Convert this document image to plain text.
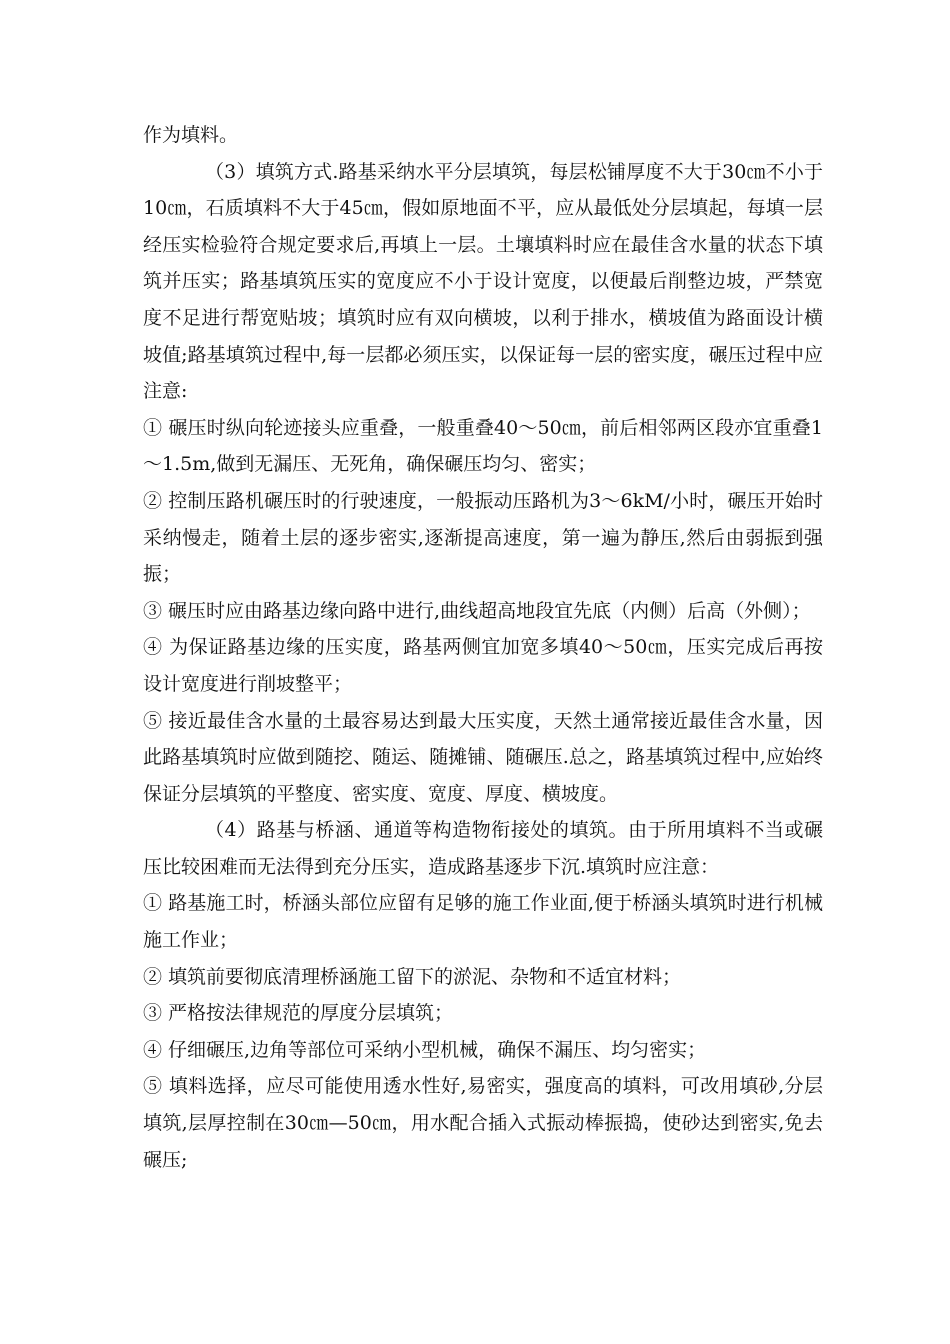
作为填料。

（3）填筑方式.路基采纳水平分层填筑，每层松铺厚度不大于30㎝不小于10㎝，石质填料不大于45㎝，假如原地面不平，应从最低处分层填起，每填一层经压实检验符合规定要求后,再填上一层。土壤填料时应在最佳含水量的状态下填筑并压实；路基填筑压实的宽度应不小于设计宽度，以便最后削整边坡，严禁宽度不足进行帮宽贴坡；填筑时应有双向横坡，以利于排水，横坡值为路面设计横坡值;路基填筑过程中,每一层都必须压实，以保证每一层的密实度，碾压过程中应注意:

① 碾压时纵向轮迹接头应重叠，一般重叠40～50㎝，前后相邻两区段亦宜重叠1～1.5m,做到无漏压、无死角，确保碾压均匀、密实；

② 控制压路机碾压时的行驶速度，一般振动压路机为3～6kM/小时，碾压开始时采纳慢走，随着土层的逐步密实,逐渐提高速度，第一遍为静压,然后由弱振到强振；

③ 碾压时应由路基边缘向路中进行,曲线超高地段宜先底（内侧）后高（外侧）；

④ 为保证路基边缘的压实度，路基两侧宜加宽多填40～50㎝，压实完成后再按设计宽度进行削坡整平；

⑤ 接近最佳含水量的土最容易达到最大压实度，天然土通常接近最佳含水量，因此路基填筑时应做到随挖、随运、随摊铺、随碾压.总之，路基填筑过程中,应始终保证分层填筑的平整度、密实度、宽度、厚度、横坡度。

（4）路基与桥涵、通道等构造物衔接处的填筑。由于所用填料不当或碾压比较困难而无法得到充分压实，造成路基逐步下沉.填筑时应注意：

① 路基施工时，桥涵头部位应留有足够的施工作业面,便于桥涵头填筑时进行机械施工作业；

② 填筑前要彻底清理桥涵施工留下的淤泥、杂物和不适宜材料；

③ 严格按法律规范的厚度分层填筑；

④ 仔细碾压,边角等部位可采纳小型机械，确保不漏压、均匀密实；

⑤ 填料选择，应尽可能使用透水性好,易密实，强度高的填料，可改用填砂,分层填筑,层厚控制在30㎝—50㎝，用水配合插入式振动棒振捣，使砂达到密实,免去碾压;
